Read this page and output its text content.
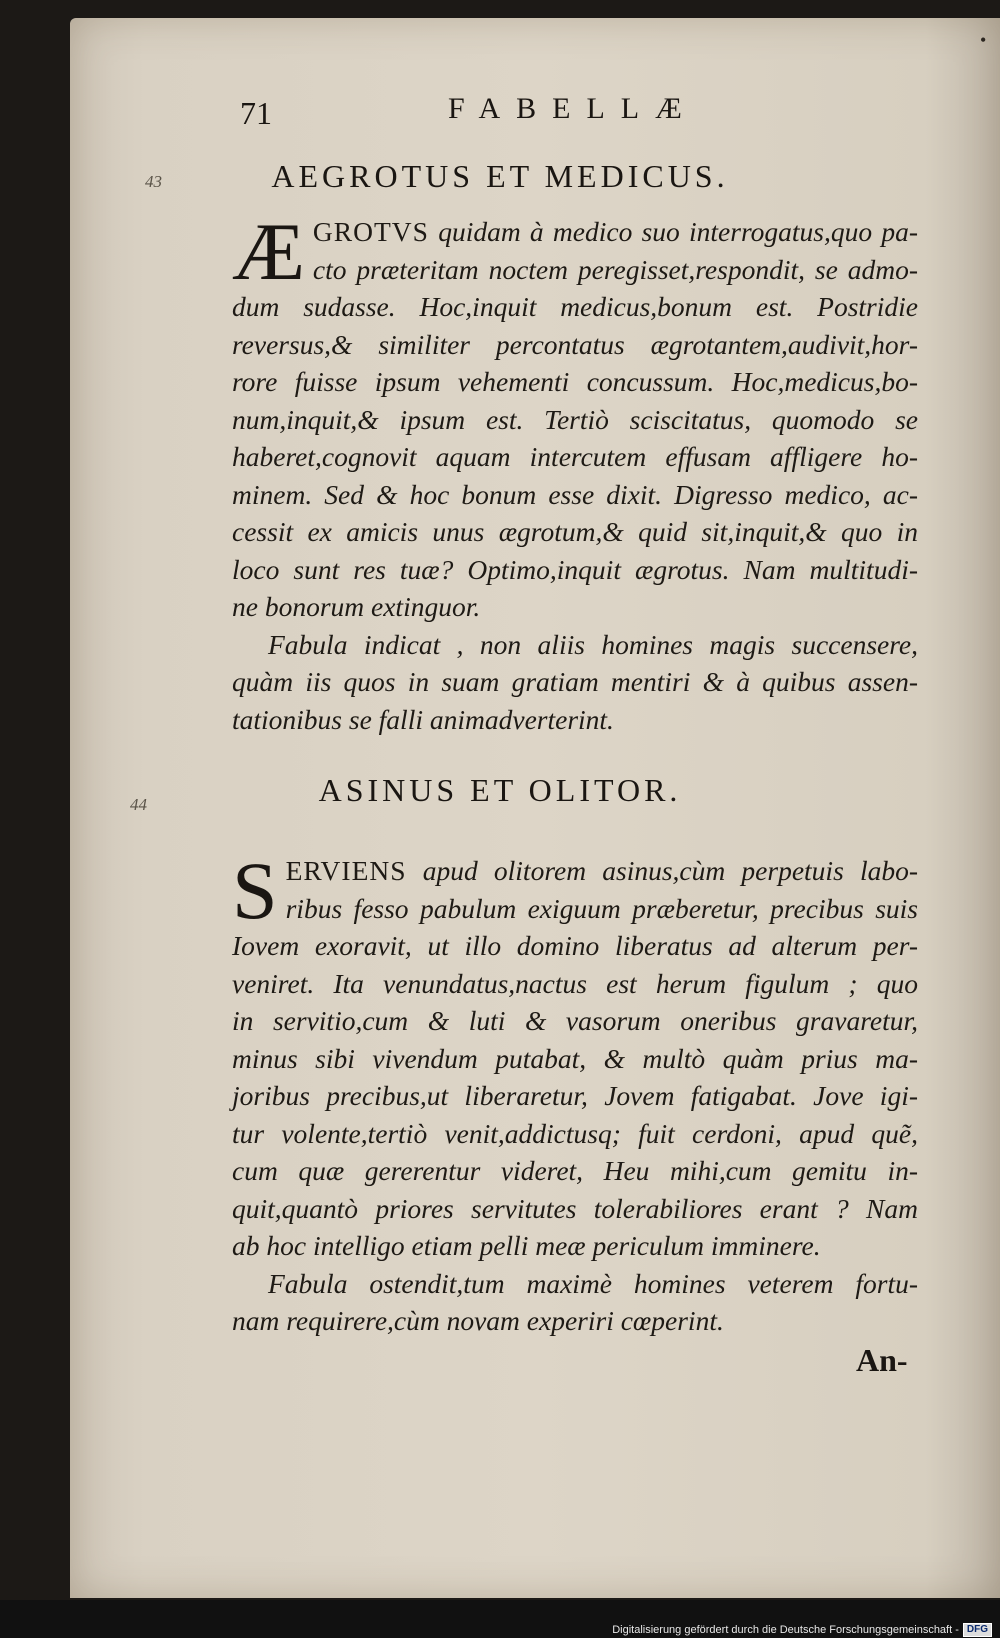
•
71	FABELLÆ
43
44
AEGROTUS ET MEDICUS.
Æ GROTVS quidam à medico suo interrogatus,quo pa-
cto præteritam noctem peregisset,respondit, se admo-
dum sudasse. Hoc,inquit medicus,bonum est. Postridie
reversus,& similiter percontatus ægrotantem,audivit,hor-
rore fuisse ipsum vehementi concussum. Hoc,medicus,bo-
num,inquit,& ipsum est. Tertiò sciscitatus, quomodo se
haberet,cognovit aquam intercutem effusam affligere ho-
minem. Sed & hoc bonum esse dixit. Digresso medico, ac-
cessit ex amicis unus ægrotum,& quid sit,inquit,& quo in
loco sunt res tuæ? Optimo,inquit ægrotus. Nam multitudi-
ne bonorum extinguor.
Fabula indicat , non aliis homines magis succensere,
quàm iis quos in suam gratiam mentiri & à quibus assen-
tationibus se falli animadverterint.
ASINUS ET OLITOR.
S ERVIENS apud olitorem asinus,cùm perpetuis labo-
ribus fesso pabulum exiguum præberetur, precibus suis
Iovem exoravit, ut illo domino liberatus ad alterum per-
veniret. Ita venundatus,nactus est herum figulum ; quo
in servitio,cum & luti & vasorum oneribus gravaretur,
minus sibi vivendum putabat, & multò quàm prius ma-
joribus precibus,ut liberaretur, Jovem fatigabat. Jove igi-
tur volente,tertiò venit,addictusq; fuit cerdoni, apud quẽ,
cum quæ gererentur videret, Heu mihi,cum gemitu in-
quit,quantò priores servitutes tolerabiliores erant ? Nam
ab hoc intelligo etiam pelli meæ periculum imminere.
Fabula ostendit,tum maximè homines veterem fortu-
nam requirere,cùm novam experiri cœperint.
An-
Digitalisierung gefördert durch die Deutsche Forschungsgemeinschaft - DFG
